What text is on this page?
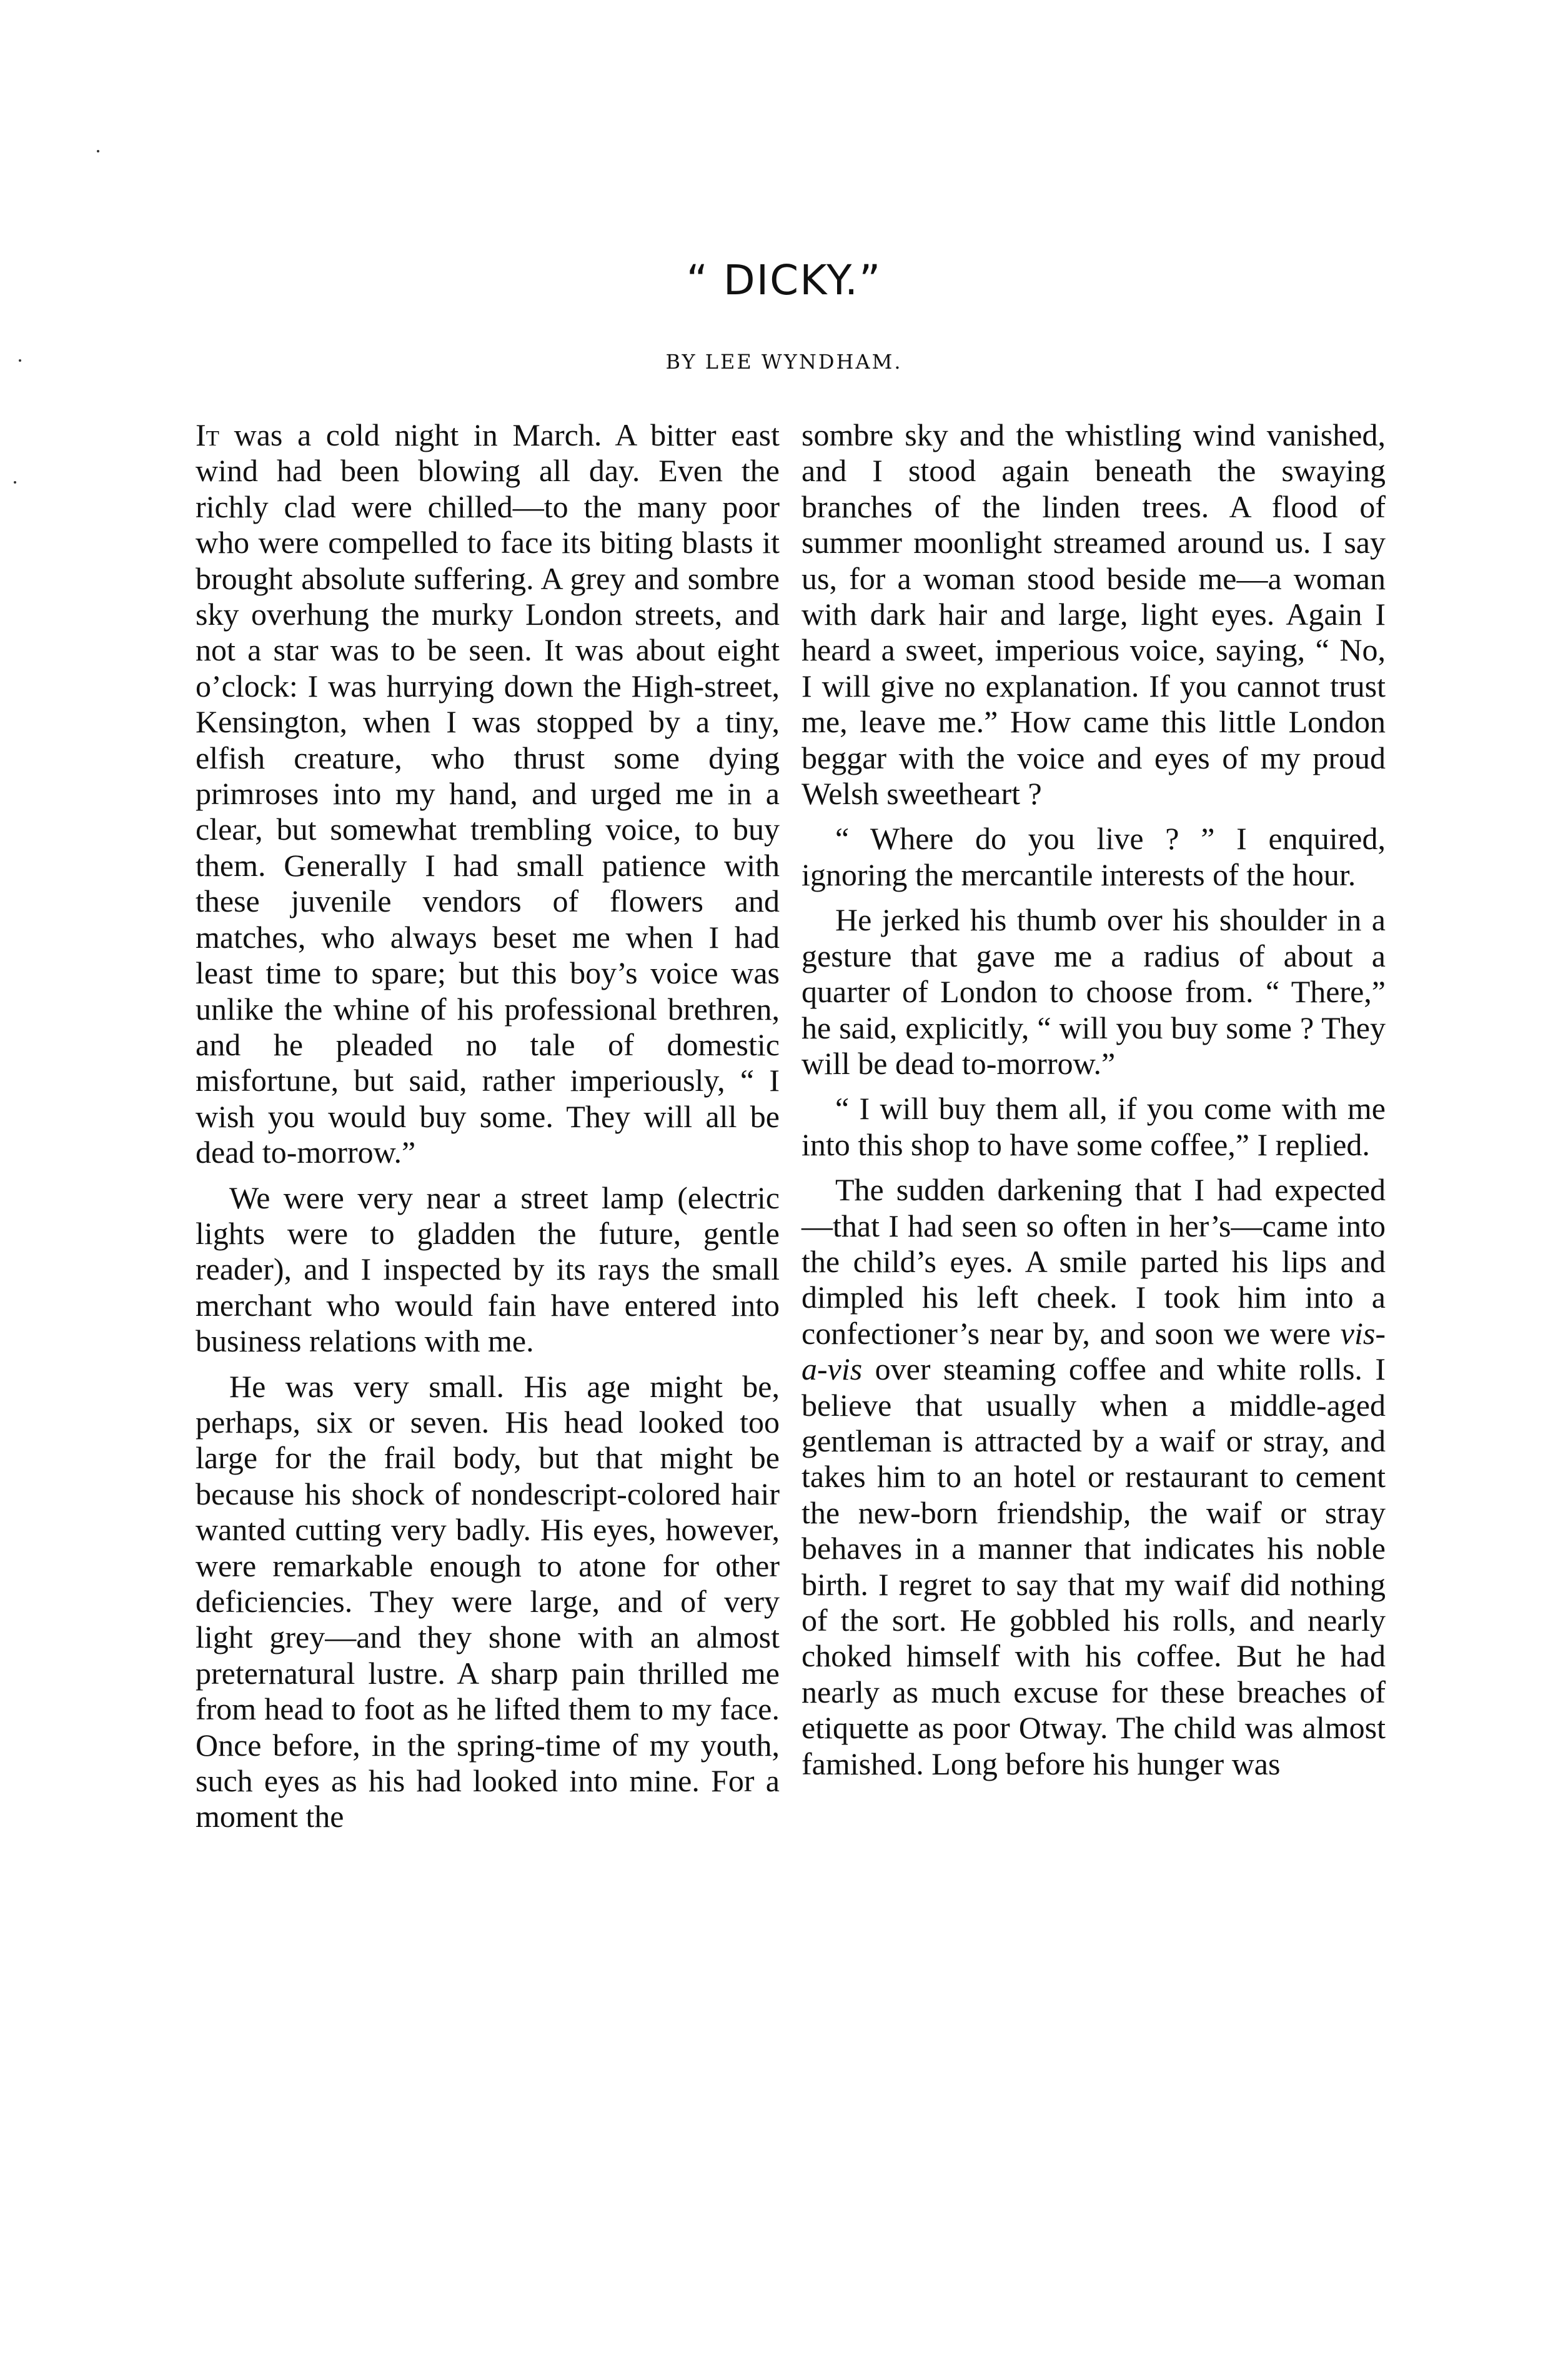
“ DICKY.”
BY LEE WYNDHAM.

It was a cold night in March. A bitter east wind had been blowing all day. Even the richly clad were chilled—to the many poor who were compelled to face its biting blasts it brought absolute suffering. A grey and sombre sky overhung the murky London streets, and not a star was to be seen. It was about eight o’clock: I was hurrying down the High-street, Kensington, when I was stopped by a tiny, elfish creature, who thrust some dying primroses into my hand, and urged me in a clear, but somewhat trembling voice, to buy them. Generally I had small patience with these juvenile vendors of flowers and matches, who always beset me when I had least time to spare; but this boy’s voice was unlike the whine of his professional brethren, and he pleaded no tale of domestic misfortune, but said, rather imperiously, “ I wish you would buy some. They will all be dead to-morrow.”

We were very near a street lamp (electric lights were to gladden the future, gentle reader), and I inspected by its rays the small merchant who would fain have entered into business relations with me.

He was very small. His age might be, perhaps, six or seven. His head looked too large for the frail body, but that might be because his shock of nondescript-colored hair wanted cutting very badly. His eyes, however, were remarkable enough to atone for other deficiencies. They were large, and of very light grey—and they shone with an almost preternatural lustre. A sharp pain thrilled me from head to foot as he lifted them to my face. Once before, in the spring-time of my youth, such eyes as his had looked into mine. For a moment the

sombre sky and the whistling wind vanished, and I stood again beneath the swaying branches of the linden trees. A flood of summer moonlight streamed around us. I say us, for a woman stood beside me—a woman with dark hair and large, light eyes. Again I heard a sweet, imperious voice, saying, “ No, I will give no explanation. If you cannot trust me, leave me.” How came this little London beggar with the voice and eyes of my proud Welsh sweetheart ?

“ Where do you live ? ” I enquired, ignoring the mercantile interests of the hour.

He jerked his thumb over his shoulder in a gesture that gave me a radius of about a quarter of London to choose from. “ There,” he said, explicitly, “ will you buy some ? They will be dead to-morrow.”

“ I will buy them all, if you come with me into this shop to have some coffee,” I replied.

The sudden darkening that I had expected—that I had seen so often in her’s—came into the child’s eyes. A smile parted his lips and dimpled his left cheek. I took him into a confectioner’s near by, and soon we were vis-a-vis over steaming coffee and white rolls. I believe that usually when a middle-aged gentleman is attracted by a waif or stray, and takes him to an hotel or restaurant to cement the new-born friendship, the waif or stray behaves in a manner that indicates his noble birth. I regret to say that my waif did nothing of the sort. He gobbled his rolls, and nearly choked himself with his coffee. But he had nearly as much excuse for these breaches of etiquette as poor Otway. The child was almost famished. Long before his hunger was
